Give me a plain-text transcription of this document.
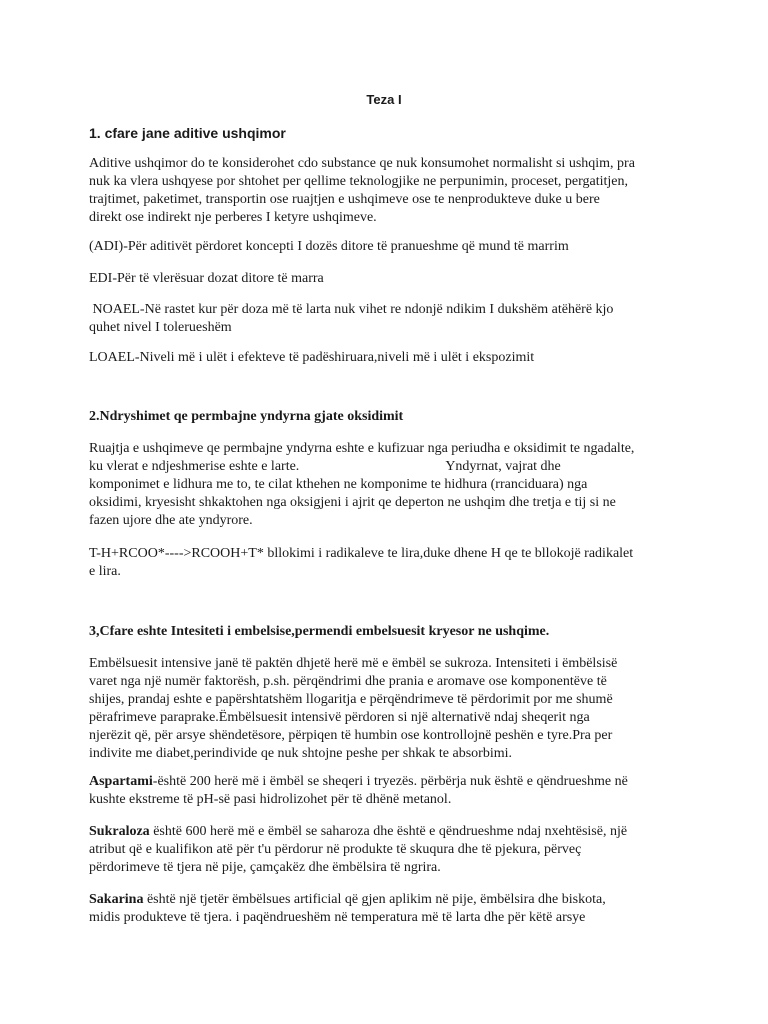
Teza I
1. cfare jane aditive ushqimor
Aditive ushqimor do te konsiderohet cdo substance qe nuk konsumohet normalisht si ushqim, pra
nuk ka vlera ushqyese por shtohet per qellime teknologjike ne perpunimin, proceset, pergatitjen,
trajtimet, paketimet, transportin ose ruajtjen e ushqimeve ose te nenprodukteve duke u bere
direkt ose indirekt nje perberes I ketyre ushqimeve.
(ADI)-Për aditivët përdoret koncepti I dozës ditore të pranueshme që mund të marrim
EDI-Për të vlerësuar dozat ditore të marra
NOAEL-Në rastet kur për doza më të larta nuk vihet re ndonjë ndikim I dukshëm atëhërë kjo
quhet nivel I tolerueshëm
LOAEL-Niveli më i ulët i efekteve të padëshiruara,niveli më i ulët i ekspozimit
2.Ndryshimet qe permbajne yndyrna gjate oksidimit
Ruajtja e ushqimeve qe permbajne yndyrna eshte e kufizuar nga periudha e oksidimit te ngadalte,
ku vlerat e ndjeshmerise eshte e larte.	Yndyrnat, vajrat dhe
komponimet e lidhura me to, te cilat kthehen ne komponime te hidhura (rranciduara) nga
oksidimi, kryesisht shkaktohen nga oksigjeni i ajrit qe deperton ne ushqim dhe tretja e tij si ne
fazen ujore dhe ate yndyrore.
T-H+RCOO*---->RCOOH+T* bllokimi i radikaleve te lira,duke dhene H qe te bllokojë radikalet
e lira.
3,Cfare eshte Intesiteti i embelsise,permendi embelsuesit kryesor ne ushqime.
Embëlsuesit intensive janë të paktën dhjetë herë më e ëmbël se sukroza. Intensiteti i ëmbëlsisë
varet nga një numër faktorësh, p.sh. përqëndrimi dhe prania e aromave ose komponentëve të
shijes, prandaj eshte e papërshtatshëm llogaritja e përqëndrimeve të përdorimit por me shumë
përafrimeve paraprake.Ëmbëlsuesit intensivë përdoren si një alternativë ndaj sheqerit nga
njerëzit që, për arsye shëndetësore, përpiqen të humbin ose kontrollojnë peshën e tyre.Pra per
indivite me diabet,perindividе qe nuk shtojne peshe per shkak te absorbimi.
Aspartami-është 200 herë më i ëmbël se sheqeri i tryezës. përbërja nuk është e qëndrueshme në
kushte ekstreme të pH-së pasi hidrolizohet për të dhënë metanol.
Sukraloza është 600 herë më e ëmbël se saharoza dhe është e qëndrueshme ndaj nxehtësisë, një
atribut që e kualifikon atë për t'u përdorur në produkte të skuqura dhe të pjekura, përveç
përdorimeve të tjera në pije, çamçakëz dhe ëmbëlsira të ngrira.
Sakarina është një tjetër ëmbëlsues artificial që gjen aplikim në pije, ëmbëlsira dhe biskota,
midis produkteve të tjera. i paqëndrueshëm në temperatura më të larta dhe për këtë arsye
